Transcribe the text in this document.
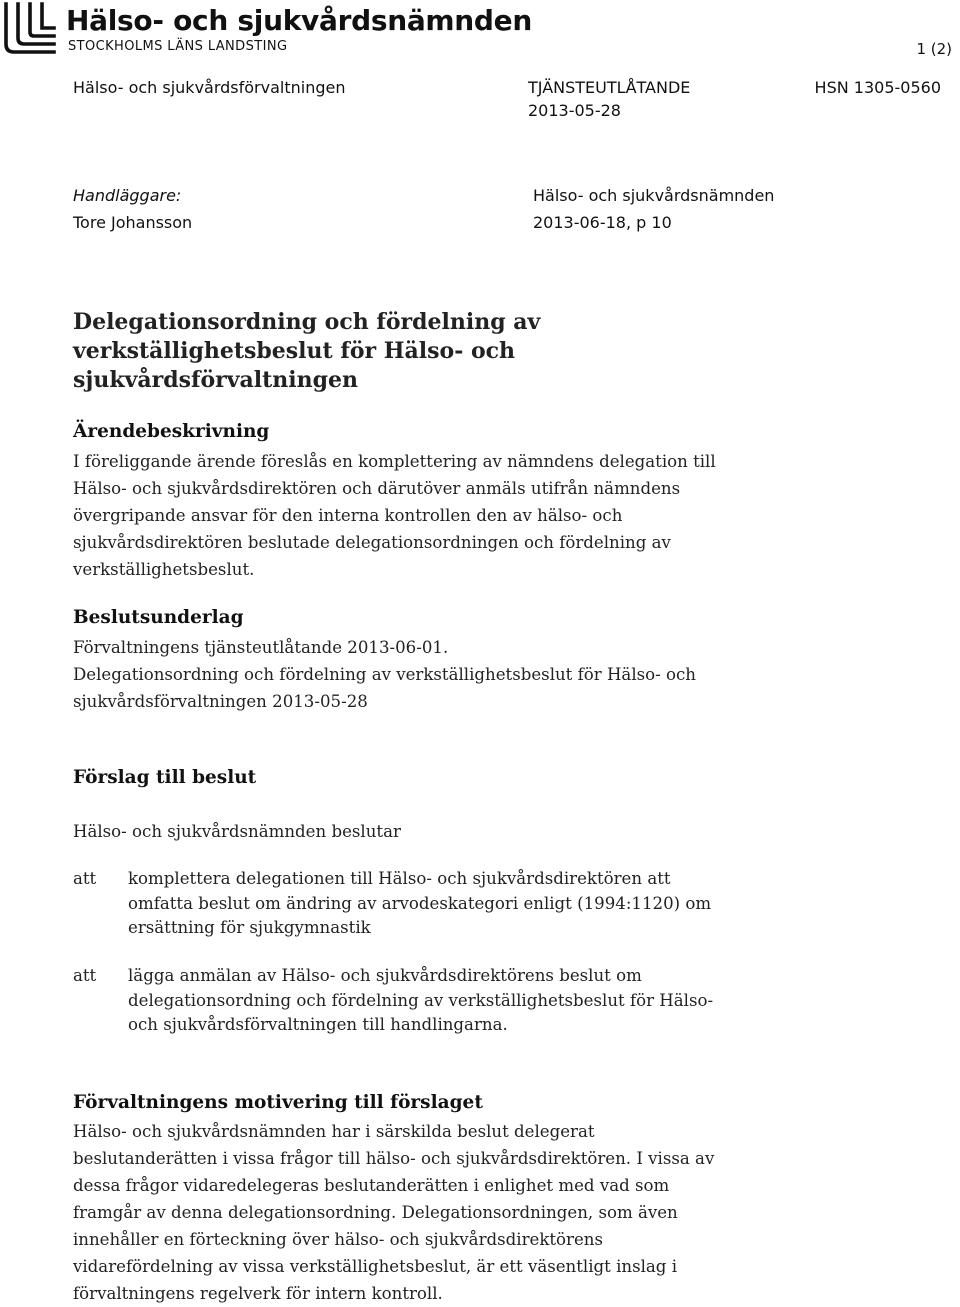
Hälso- och sjukvårdsnämnden
STOCKHOLMS LÄNS LANDSTING	1 (2)
Hälso- och sjukvårdsförvaltningen	TJÄNSTEUTLÅTANDE
2013-05-28
HSN 1305-0560
Handläggare:
Tore Johansson
Hälso- och sjukvårdsnämnden
2013-06-18, p 10
Delegationsordning och fördelning av
verkställighetsbeslut för Hälso- och
sjukvårdsförvaltningen
Ärendebeskrivning
I föreliggande ärende föreslås en komplettering av nämndens delegation till
Hälso- och sjukvårdsdirektören och därutöver anmäls utifrån nämndens
övergripande ansvar för den interna kontrollen den av hälso- och
sjukvårdsdirektören beslutade delegationsordningen och fördelning av
verkställighetsbeslut.
Beslutsunderlag
Förvaltningens tjänsteutlåtande 2013-06-01.
Delegationsordning och fördelning av verkställighetsbeslut för Hälso- och
sjukvårdsförvaltningen 2013-05-28
Förslag till beslut
Hälso- och sjukvårdsnämnden beslutar
att komplettera delegationen till Hälso- och sjukvårdsdirektören att
omfatta beslut om ändring av arvodeskategori enligt (1994:1120) om
ersättning för sjukgymnastik
att lägga anmälan av Hälso- och sjukvårdsdirektörens beslut om
delegationsordning och fördelning av verkställighetsbeslut för Hälso-
och sjukvårdsförvaltningen till handlingarna.
Förvaltningens motivering till förslaget
Hälso- och sjukvårdsnämnden har i särskilda beslut delegerat
beslutanderätten i vissa frågor till hälso- och sjukvårdsdirektören. I vissa av
dessa frågor vidaredelegeras beslutanderätten i enlighet med vad som
framgår av denna delegationsordning. Delegationsordningen, som även
innehåller en förteckning över hälso- och sjukvårdsdirektörens
vidarefördelning av vissa verkställighetsbeslut, är ett väsentligt inslag i
förvaltningens regelverk för intern kontroll.
